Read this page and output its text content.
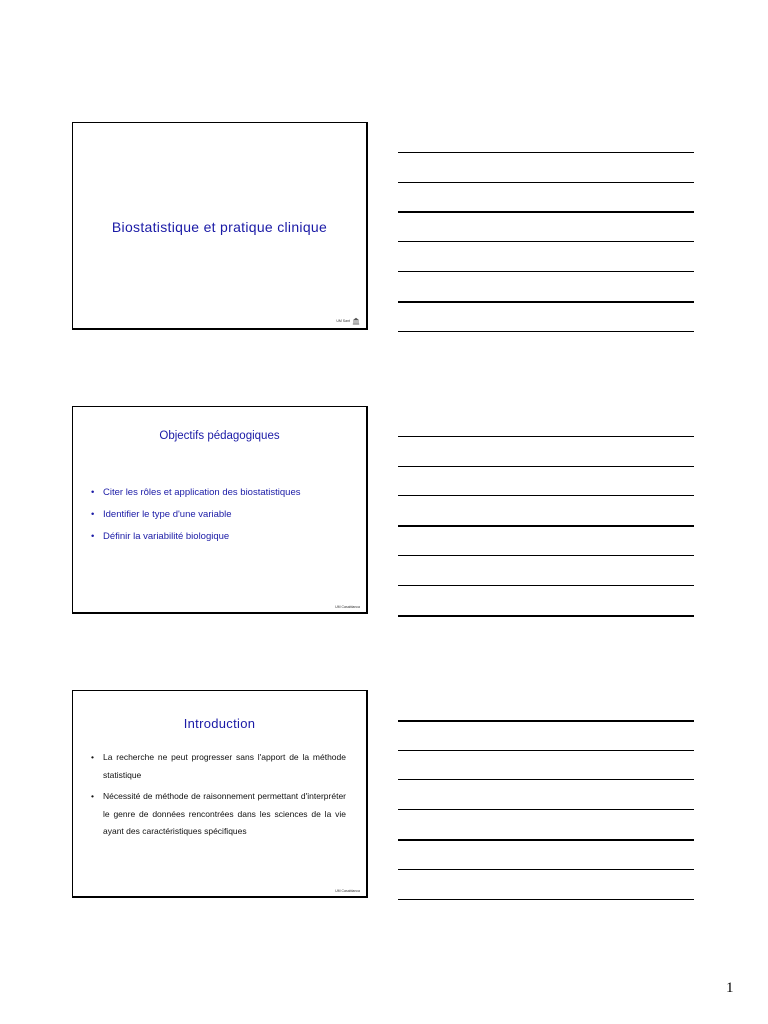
Biostatistique et pratique clinique
UM Sant
Objectifs pédagogiques
• Citer les rôles et application des biostatistiques
• Identifier le type d'une variable
• Définir la variabilité biologique
UM Casablanca
Introduction
•	La recherche ne peut progresser sans l'apport de la méthode statistique
•	Nécessité de méthode de raisonnement permettant d'interpréter le genre de données rencontrées dans les sciences de la vie ayant des caractéristiques spécifiques
UM Casablanca
1
